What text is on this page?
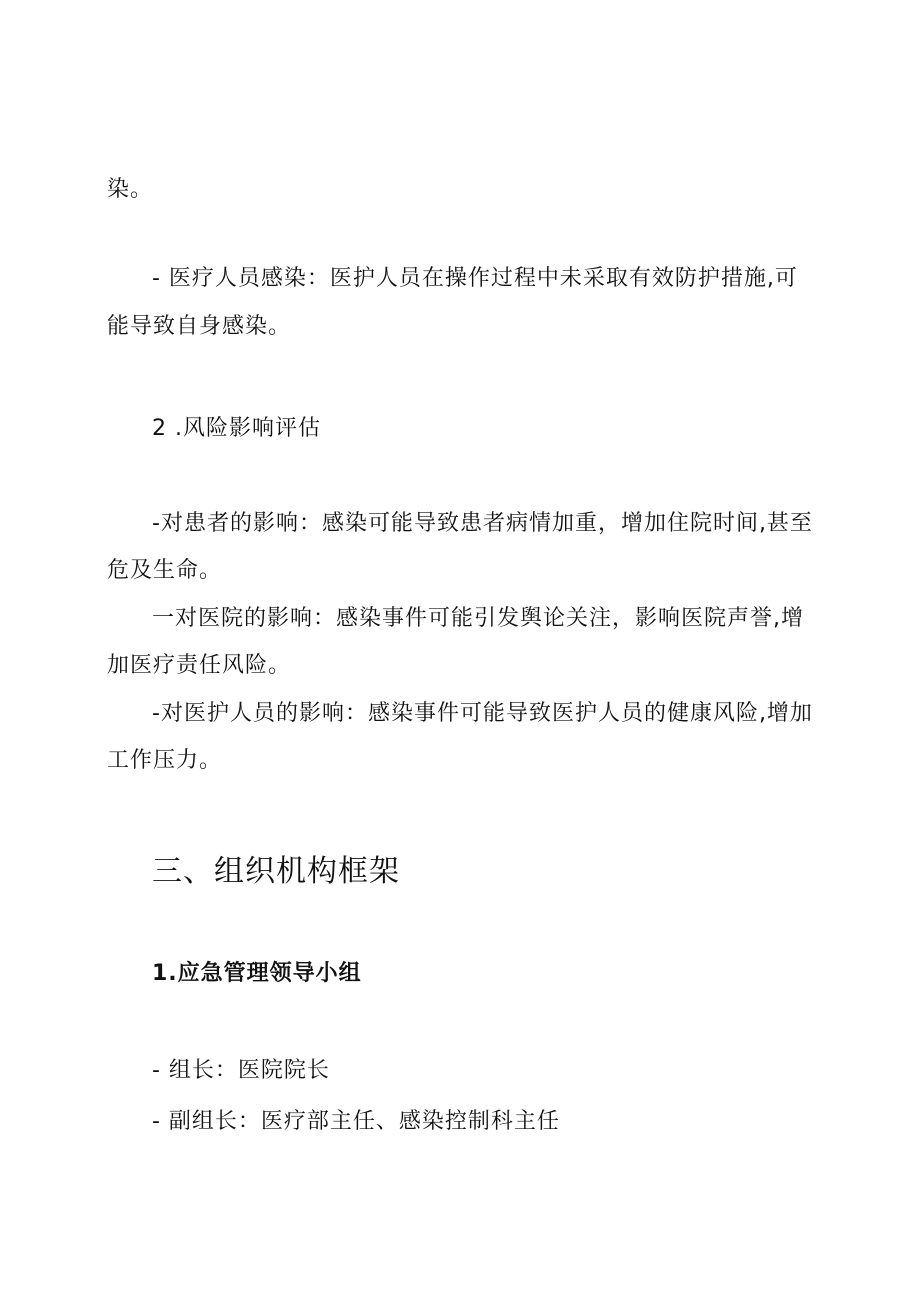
染。
- 医疗人员感染：医护人员在操作过程中未采取有效防护措施,可
能导致自身感染。
2 .风险影响评估
-对患者的影响：感染可能导致患者病情加重，增加住院时间,甚至
危及生命。
一对医院的影响：感染事件可能引发舆论关注，影响医院声誉,增
加医疗责任风险。
-对医护人员的影响：感染事件可能导致医护人员的健康风险,增加
工作压力。
三、组织机构框架
1.应急管理领导小组
- 组长：医院院长
- 副组长：医疗部主任、感染控制科主任
